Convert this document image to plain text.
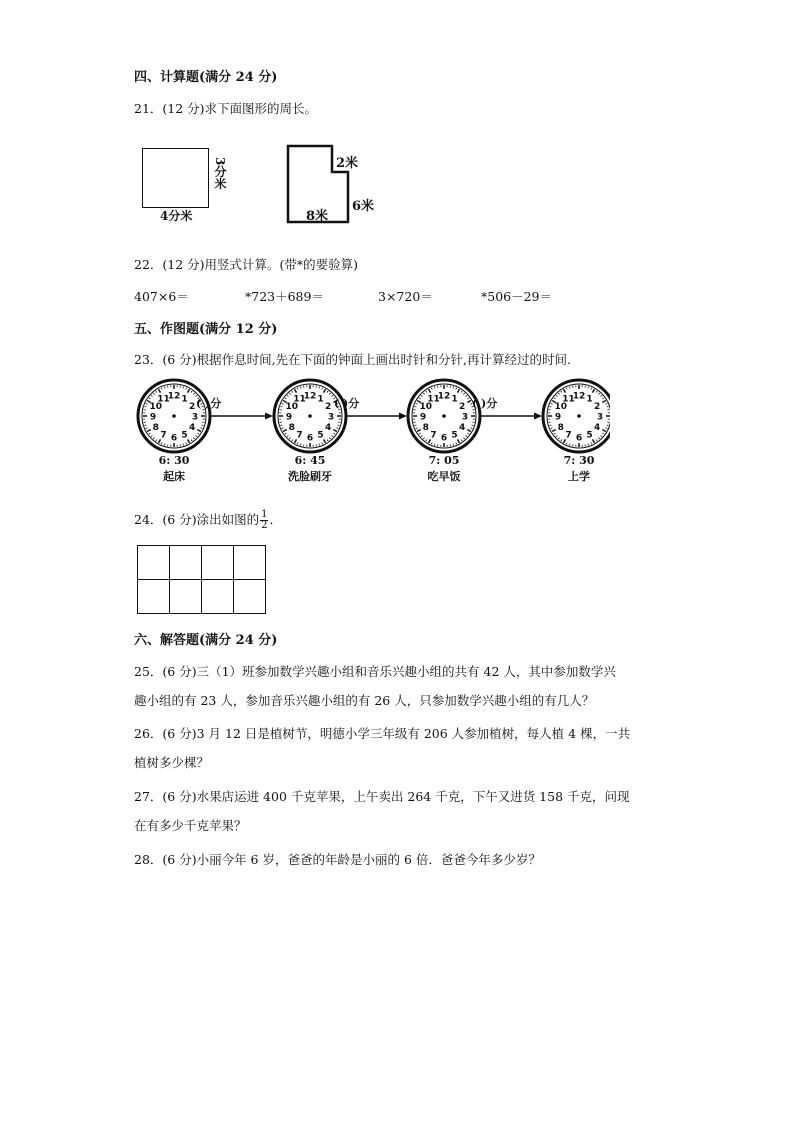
四、计算题(满分 24 分)
21．(12 分)求下面图形的周长。
4分米
3分米	2米
6米
8米
22．(12 分)用竖式计算。(带*的要验算)
407×6＝	*723＋689＝	3×720＝	*506－29＝
五、作图题(满分 12 分)
23．(6 分)根据作息时间,先在下面的钟面上画出时针和分针,再计算经过的时间.
12 1
2
3
4
5
6
7
8
9
10
11	12 1
2
3
4
5
6
7
8
9
10
11	12 1
2
3
4
5
6
7
8
9
10
11	12 1
2
3
4
5
6
7
8
9
10
11
( )分	( )分	( )分
6: 30
起床
6: 45
洗脸刷牙
7: 05
吃早饭
7: 30
上学
24．(6 分)涂出如图的 $\frac{1}{2}$ ．

六、解答题(满分 24 分)
25．(6 分)三（1）班参加数学兴趣小组和音乐兴趣小组的共有 42 人，其中参加数学兴
趣小组的有 23 人，参加音乐兴趣小组的有 26 人，只参加数学兴趣小组的有几人？
26．(6 分)3 月 12 日是植树节，明德小学三年级有 206 人参加植树，每人植 4 棵，一共
植树多少棵？
27．(6 分)水果店运进 400 千克苹果，上午卖出 264 千克，下午又进货 158 千克，问现
在有多少千克苹果？
28．(6 分)小丽今年 6 岁，爸爸的年龄是小丽的 6 倍．爸爸今年多少岁？
